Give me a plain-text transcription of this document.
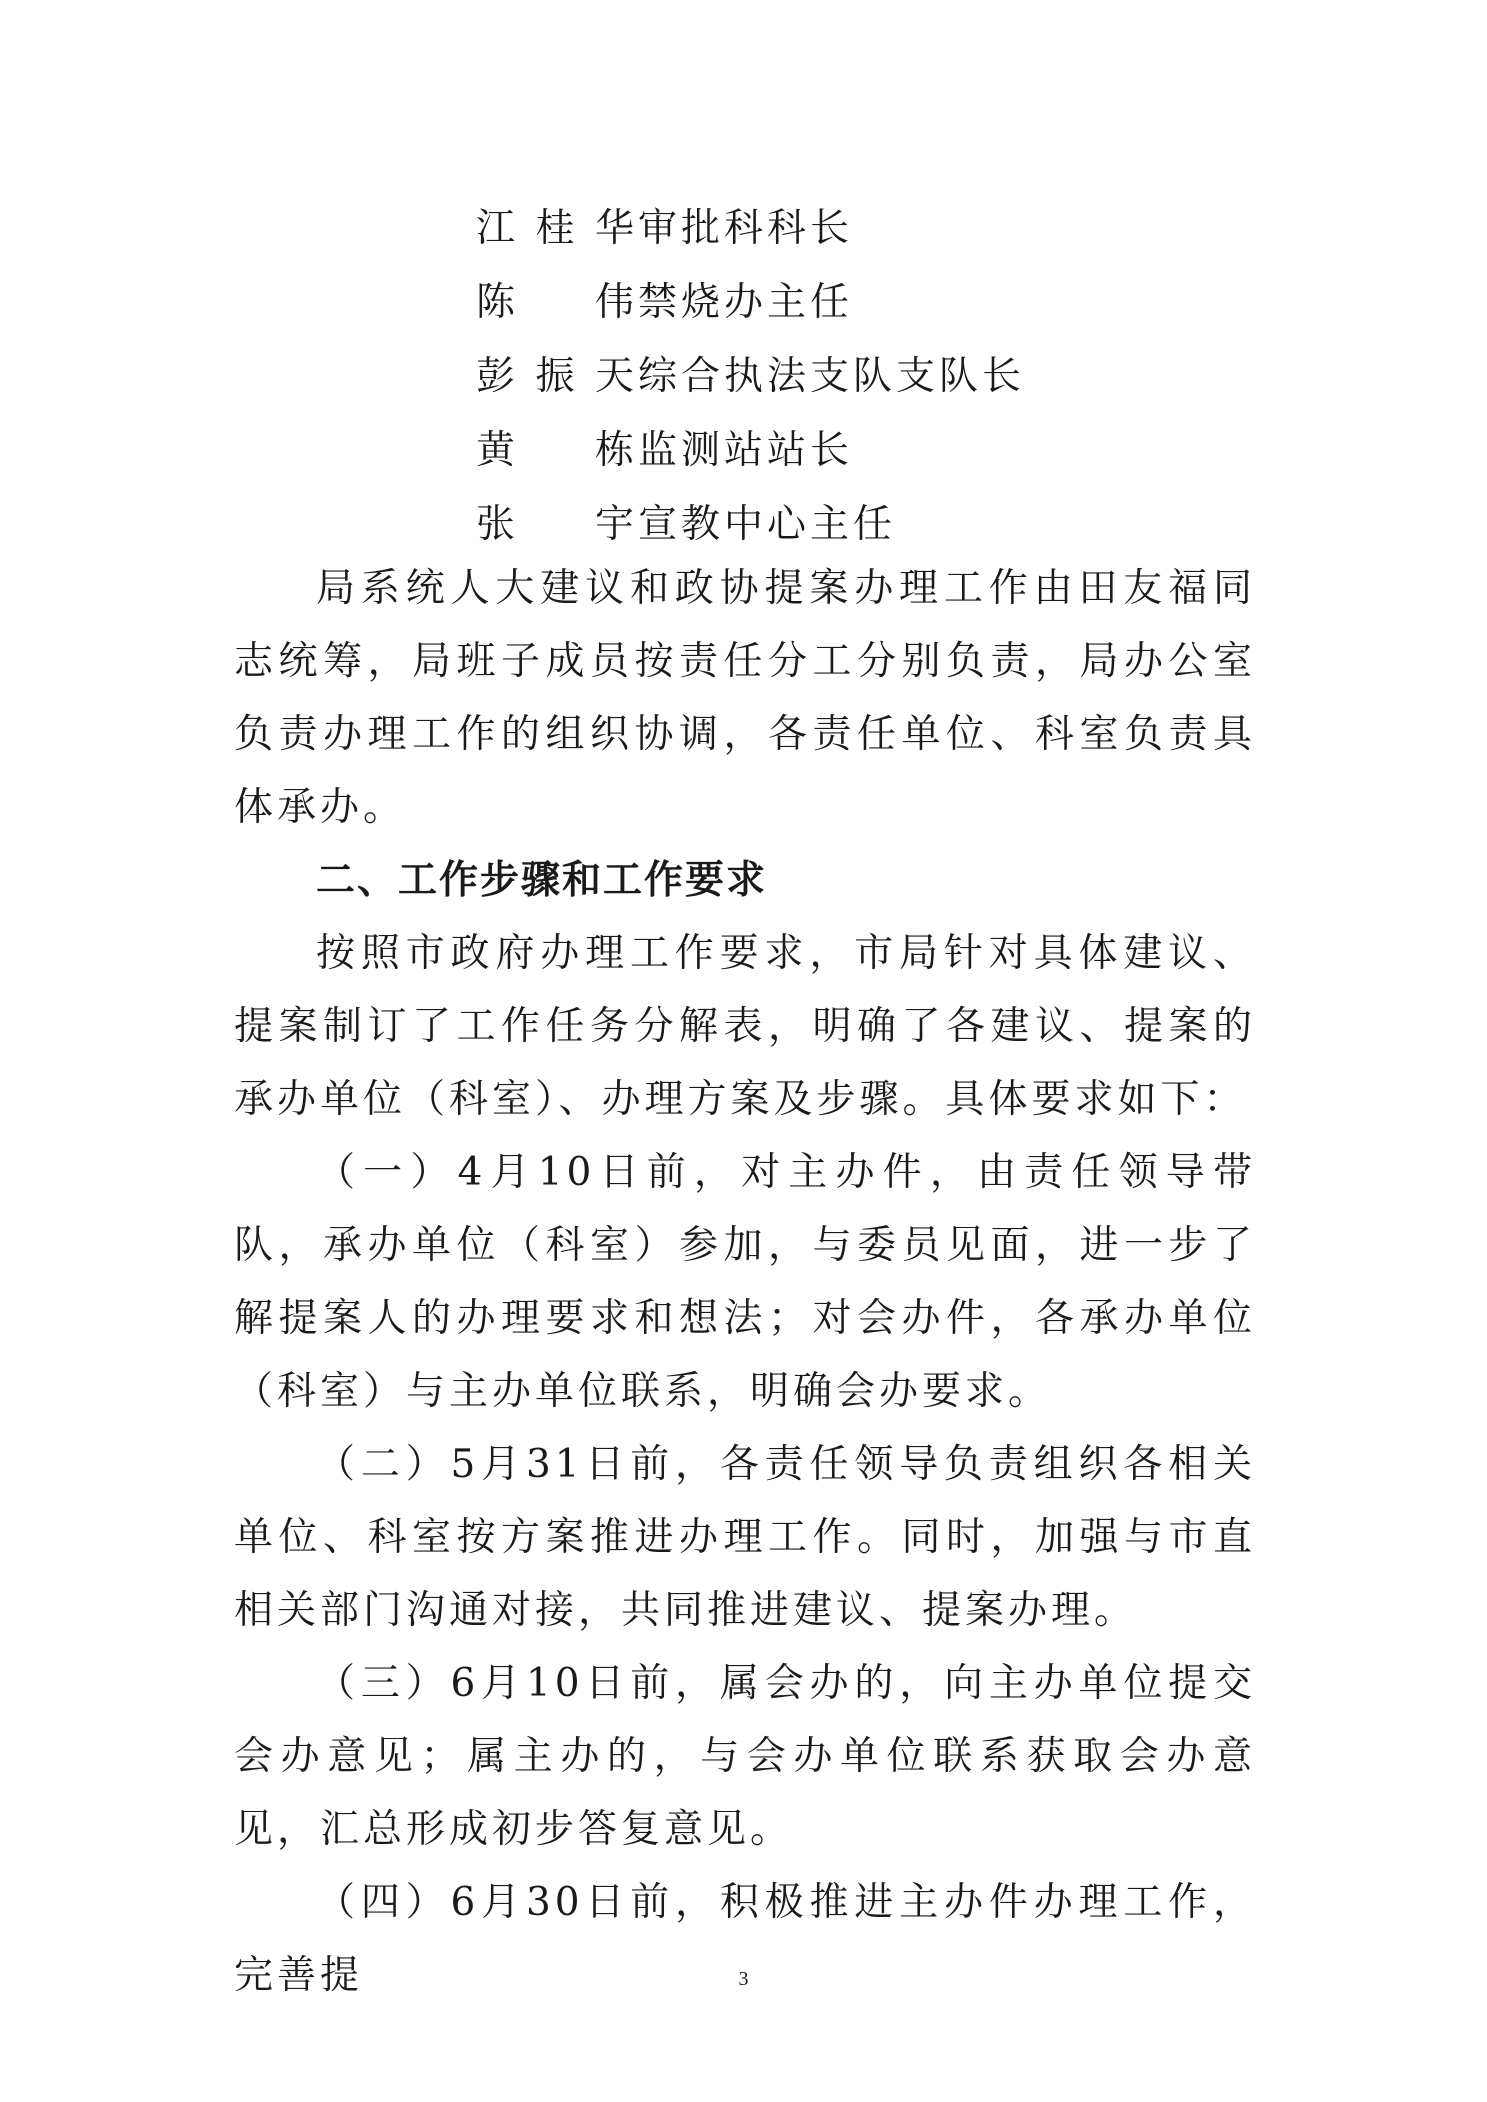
江桂华 审批科科长
陈伟 禁烧办主任
彭振天 综合执法支队支队长
黄栋 监测站站长
张宇 宣教中心主任

局系统人大建议和政协提案办理工作由田友福同志统筹，局班子成员按责任分工分别负责，局办公室负责办理工作的组织协调，各责任单位、科室负责具体承办。

二、工作步骤和工作要求

按照市政府办理工作要求，市局针对具体建议、提案制订了工作任务分解表，明确了各建议、提案的承办单位（科室）、办理方案及步骤。具体要求如下：

（一）4月10日前，对主办件，由责任领导带队，承办单位（科室）参加，与委员见面，进一步了解提案人的办理要求和想法；对会办件，各承办单位（科室）与主办单位联系，明确会办要求。

（二）5月31日前，各责任领导负责组织各相关单位、科室按方案推进办理工作。同时，加强与市直相关部门沟通对接，共同推进建议、提案办理。

（三）6月10日前，属会办的，向主办单位提交会办意见；属主办的，与会办单位联系获取会办意见，汇总形成初步答复意见。

（四）6月30日前，积极推进主办件办理工作，完善提	3
